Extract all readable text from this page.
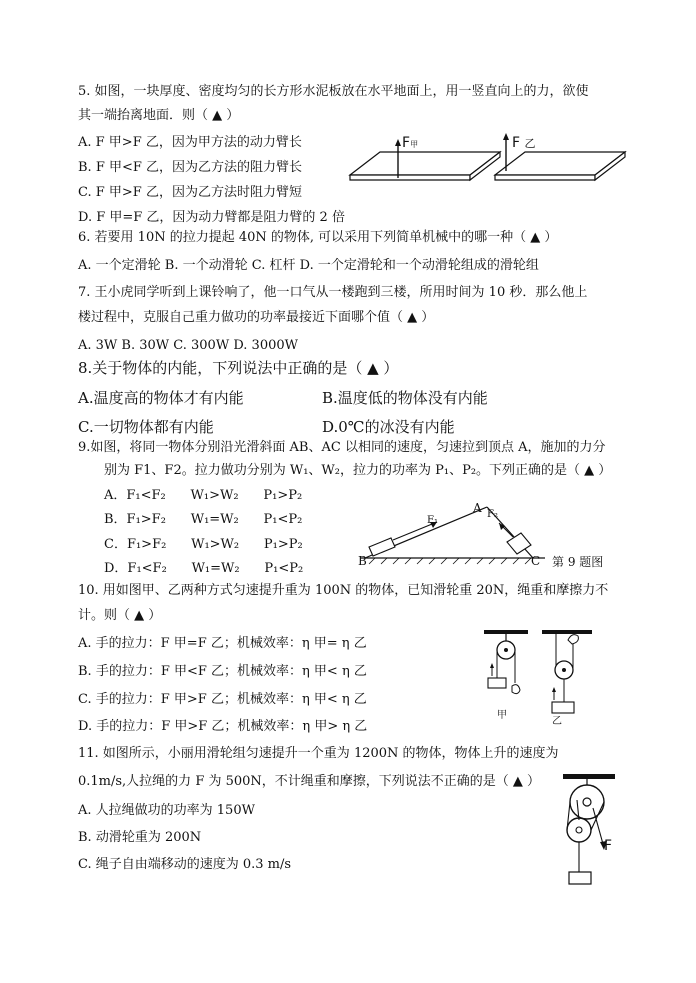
5. 如图，一块厚度、密度均匀的长方形水泥板放在水平地面上，用一竖直向上的力，欲使
其一端抬离地面．则（ ▲ ）
A. F 甲>F 乙，因为甲方法的动力臂长
B. F 甲<F 乙，因为乙方法的阻力臂长
C. F 甲>F 乙，因为乙方法时阻力臂短
D. F 甲=F 乙，因为动力臂都是阻力臂的 2 倍
F甲	F 乙
6. 若要用 10N 的拉力提起 40N 的物体, 可以采用下列简单机械中的哪一种（ ▲ ）
A. 一个定滑轮 B. 一个动滑轮 C. 杠杆 D. 一个定滑轮和一个动滑轮组成的滑轮组
7. 王小虎同学听到上课铃响了，他一口气从一楼跑到三楼，所用时间为 10 秒．那么他上
楼过程中，克服自己重力做功的功率最接近下面哪个值（ ▲ ）
A. 3W B. 30W C. 300W D. 3000W
8.关于物体的内能，下列说法中正确的是（ ▲ ）
A.温度高的物体才有内能	B.温度低的物体没有内能
C.一切物体都有内能	D.0℃的冰没有内能
9.如图，将同一物体分别沿光滑斜面 AB、AC 以相同的速度，匀速拉到顶点 A，施加的力分
别为 F1、F2。拉力做功分别为 W₁、W₂，拉力的功率为 P₁、P₂。下列正确的是（ ▲ ）
A．F₁<F₂      W₁>W₂      P₁>P₂
B．F₁>F₂      W₁=W₂      P₁<P₂
C．F₁>F₂      W₁>W₂      P₁>P₂
D．F₁<F₂      W₁=W₂      P₁<P₂
A
B	C
F₁
F₂
第 9 题图
10. 用如图甲、乙两种方式匀速提升重为 100N 的物体，已知滑轮重 20N，绳重和摩擦力不
计。则（ ▲ ）
A. 手的拉力：F 甲=F 乙；机械效率：η 甲= η 乙
B. 手的拉力：F 甲<F 乙；机械效率：η 甲< η 乙
C. 手的拉力：F 甲>F 乙；机械效率：η 甲< η 乙
D. 手的拉力：F 甲>F 乙；机械效率：η 甲> η 乙
甲
乙
11. 如图所示，小丽用滑轮组匀速提升一个重为 1200N 的物体，物体上升的速度为
0.1m/s,人拉绳的力 F 为 500N，不计绳重和摩擦，下列说法不正确的是（ ▲ ）
A. 人拉绳做功的功率为 150W
B. 动滑轮重为 200N
C. 绳子自由端移动的速度为 0.3 m/s
F
